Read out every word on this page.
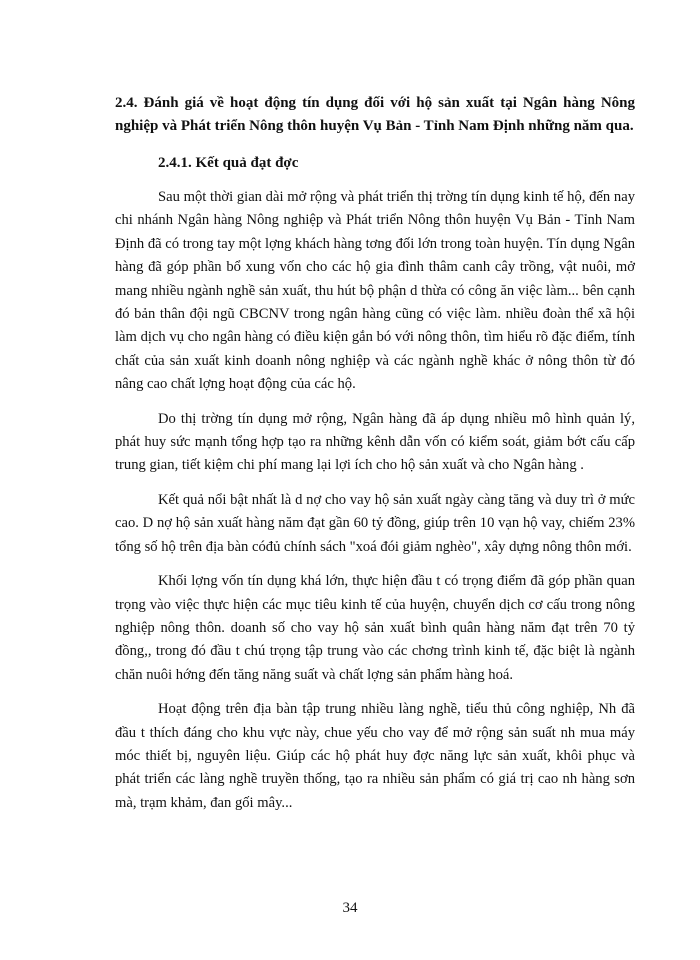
2.4. Đánh giá về hoạt động tín dụng đối với hộ sản xuất tại Ngân hàng Nông nghiệp và Phát triển Nông thôn huyện Vụ Bản - Tỉnh Nam Định những năm qua.

2.4.1. Kết quả đạt đợc

Sau một thời gian dài mở rộng và phát triển thị trờng tín dụng kinh tế hộ, đến nay chi nhánh Ngân hàng Nông nghiệp và Phát triển Nông thôn huyện Vụ Bản - Tỉnh Nam Định đã có trong tay một lợng khách hàng tơng đối lớn trong toàn huyện. Tín dụng Ngân hàng đã góp phần bổ xung vốn cho các hộ gia đình thâm canh cây trồng, vật nuôi, mở mang nhiều ngành nghề sản xuất, thu hút bộ phận d thừa có công ăn việc làm... bên cạnh đó bản thân đội ngũ CBCNV trong ngân hàng cũng có việc làm. nhiều đoàn thể xã hội làm dịch vụ cho ngân hàng có điều kiện gắn bó với nông thôn, tìm hiểu rõ đặc điểm, tính chất của sản xuất kinh doanh nông nghiệp và các ngành nghề khác ở nông thôn từ đó nâng cao chất lợng hoạt động của các hộ.

Do thị trờng tín dụng mở rộng, Ngân hàng đã áp dụng nhiều mô hình quản lý, phát huy sức mạnh tổng hợp tạo ra những kênh dẫn vốn có kiểm soát, giảm bớt cấu cấp trung gian, tiết kiệm chi phí mang lại lợi ích cho hộ sản xuất và cho Ngân hàng .

Kết quả nổi bật nhất là d nợ cho vay hộ sản xuất ngày càng tăng và duy trì ở mức cao. D nợ hộ sản xuất hàng năm đạt gần 60 tỷ đồng, giúp trên 10 vạn hộ vay, chiếm 23% tổng số hộ trên địa bàn cóđủ chính sách "xoá đói giảm nghèo", xây dựng nông thôn mới.

Khối lợng vốn tín dụng khá lớn, thực hiện đầu t có trọng điểm đã góp phần quan trọng vào việc thực hiện các mục tiêu kinh tế của huyện, chuyển dịch cơ cấu trong nông nghiệp nông thôn. doanh số cho vay hộ sản xuất bình quân hàng năm đạt trên 70 tỷ đồng,, trong đó đầu t chú trọng tập trung vào các chơng trình kinh tế, đặc biệt là ngành chăn nuôi hớng đến tăng năng suất và chất lợng sản phẩm hàng hoá.

Hoạt động trên địa bàn tập trung nhiều làng nghề, tiểu thủ công nghiệp, Nh đã đầu t thích đáng cho khu vực này, chue yếu cho vay để mở rộng sản suất nh mua máy móc thiết bị, nguyên liệu. Giúp các hộ phát huy đợc năng lực sản xuất, khôi phục và phát triển các làng nghề truyền thống, tạo ra nhiều sản phẩm có giá trị cao nh hàng sơn mà, trạm khảm, đan gối mây...

34
